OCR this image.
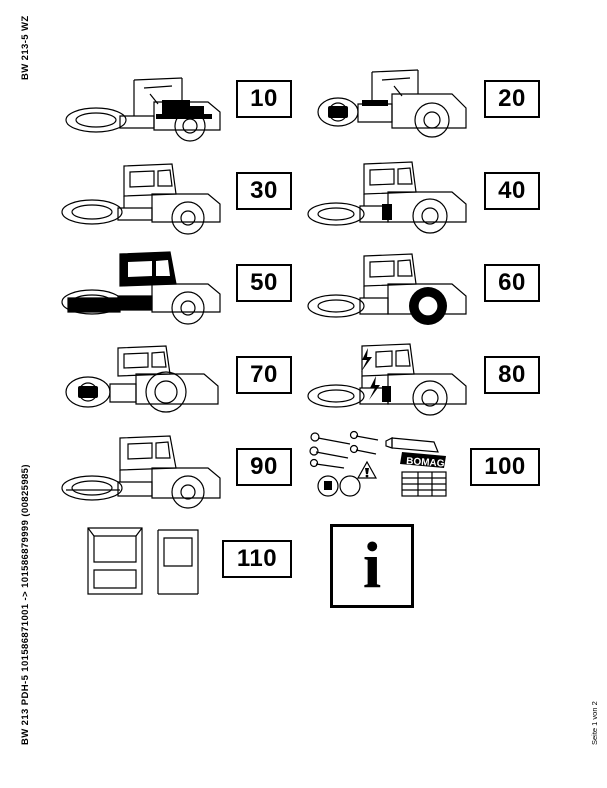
BW 213-5 WZ
BW 213 PDH-5 101586871001 -> 101586879999 (00825985)	Seite 1 von 2
10	20
30	40
50	60
70	80
90	BOMAG	100
110 i
